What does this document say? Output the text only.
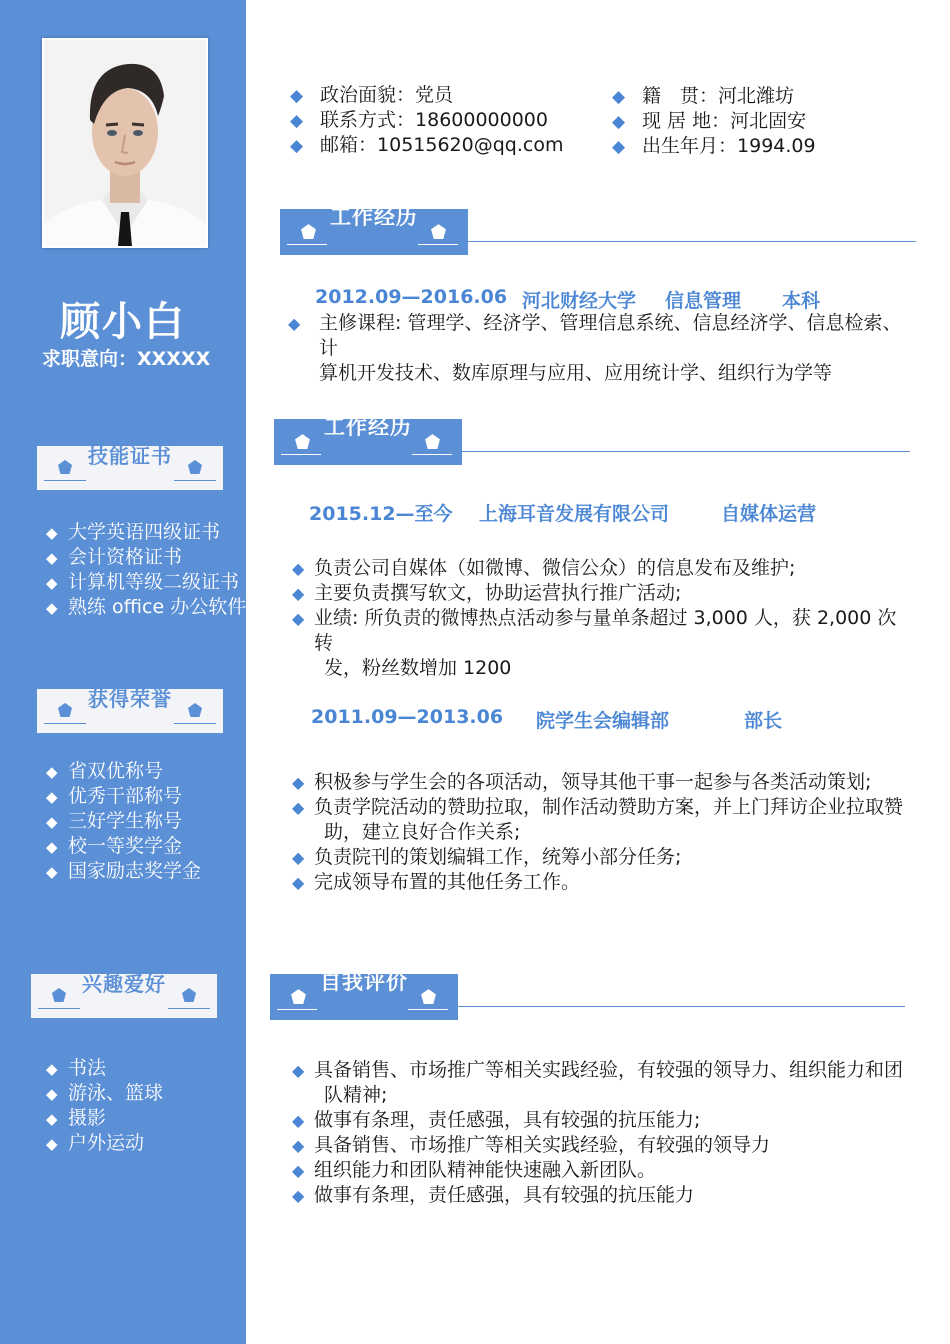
顾小白
求职意向：XXXXX
技能证书
◆ 大学英语四级证书
◆ 会计资格证书
◆ 计算机等级二级证书
◆ 熟练 office 办公软件
获得荣誉
◆ 省双优称号
◆ 优秀干部称号
◆ 三好学生称号
◆ 校一等奖学金
◆ 国家励志奖学金
兴趣爱好
◆ 书法
◆ 游泳、篮球
◆ 摄影
◆ 户外运动
◆ 政治面貌：党员
◆ 联系方式：18600000000
◆ 邮箱：10515620@qq.com
◆ 籍　贯：河北潍坊
◆ 现 居 地：河北固安
◆ 出生年月：1994.09
工作经历
2012.09—2016.06 河北财经大学 信息管理 本科
◆ 主修课程: 管理学、经济学、管理信息系统、信息经济学、信息检索、计
算机开发技术、数库原理与应用、应用统计学、组织行为学等
工作经历
2015.12—至今 上海耳音发展有限公司	自媒体运营
◆ 负责公司自媒体（如微博、微信公众）的信息发布及维护;
◆ 主要负责撰写软文，协助运营执行推广活动;
◆ 业绩: 所负责的微博热点活动参与量单条超过 3,000 人，获 2,000 次转
发，粉丝数增加 1200
2011.09—2013.06 院学生会编辑部	部长
◆ 积极参与学生会的各项活动，领导其他干事一起参与各类活动策划;
◆ 负责学院活动的赞助拉取，制作活动赞助方案，并上门拜访企业拉取赞
助，建立良好合作关系;
◆ 负责院刊的策划编辑工作，统筹小部分任务;
◆ 完成领导布置的其他任务工作。
自我评价
◆ 具备销售、市场推广等相关实践经验，有较强的领导力、组织能力和团
队精神;
◆ 做事有条理，责任感强，具有较强的抗压能力;
◆ 具备销售、市场推广等相关实践经验，有较强的领导力
◆ 组织能力和团队精神能快速融入新团队。
◆ 做事有条理，责任感强，具有较强的抗压能力
